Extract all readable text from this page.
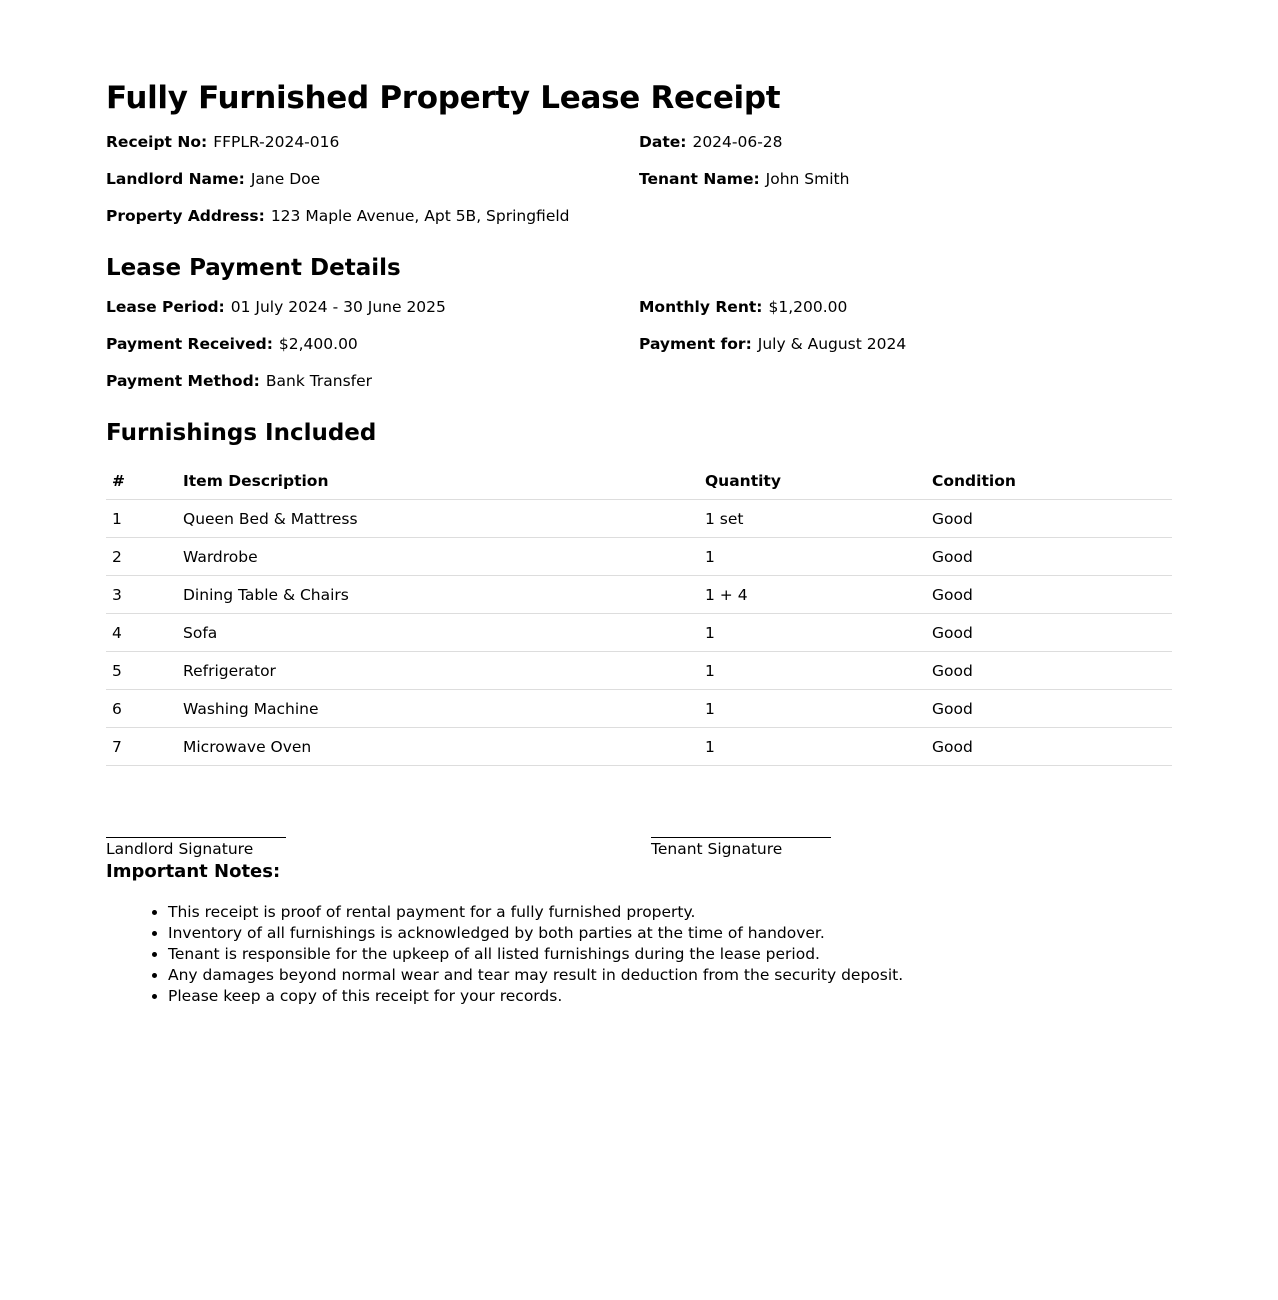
Fully Furnished Property Lease Receipt
Receipt No: FFPLR-2024-016	Date: 2024-06-28
Landlord Name: Jane Doe	Tenant Name: John Smith
Property Address: 123 Maple Avenue, Apt 5B, Springfield
Lease Payment Details
Lease Period: 01 July 2024 - 30 June 2025	Monthly Rent: $1,200.00
Payment Received: $2,400.00	Payment for: July & August 2024
Payment Method: Bank Transfer
Furnishings Included
#	Item Description	Quantity	Condition
1	Queen Bed & Mattress	1 set	Good
2	Wardrobe	1	Good
3	Dining Table & Chairs	1 + 4	Good
4	Sofa	1	Good
5	Refrigerator	1	Good
6	Washing Machine	1	Good
7	Microwave Oven	1	Good
Landlord Signature	Tenant Signature
Important Notes:
• This receipt is proof of rental payment for a fully furnished property.
• Inventory of all furnishings is acknowledged by both parties at the time of handover.
• Tenant is responsible for the upkeep of all listed furnishings during the lease period.
• Any damages beyond normal wear and tear may result in deduction from the security deposit.
• Please keep a copy of this receipt for your records.
